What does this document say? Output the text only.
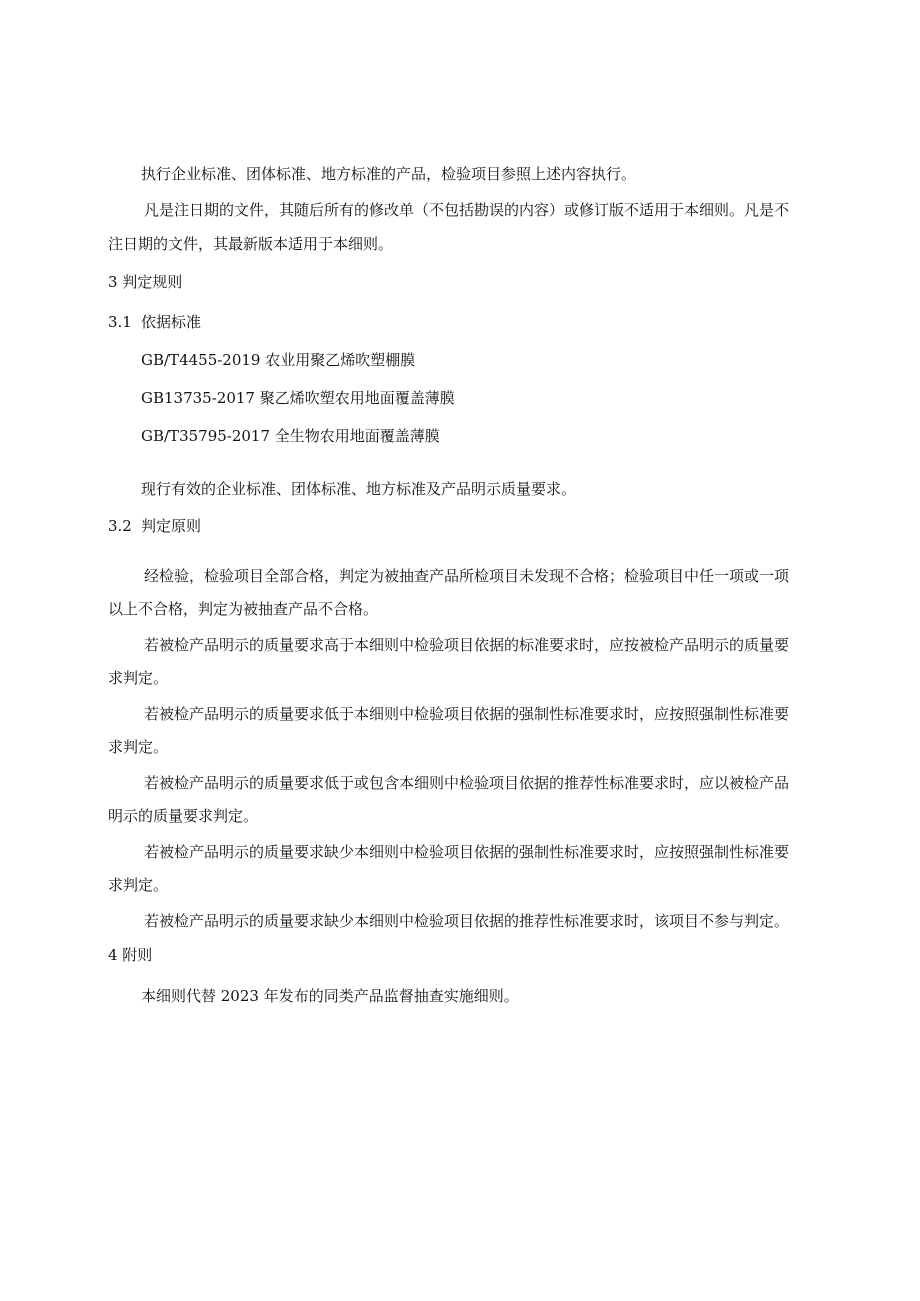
执行企业标准、团体标准、地方标准的产品，检验项目参照上述内容执行。
凡是注日期的文件，其随后所有的修改单（不包括勘误的内容）或修订版不适用于本细则。凡是不
注日期的文件，其最新版本适用于本细则。
3 判定规则
3.1 依据标准
GB/T4455-2019 农业用聚乙烯吹塑棚膜
GB13735-2017 聚乙烯吹塑农用地面覆盖薄膜
GB/T35795-2017 全生物农用地面覆盖薄膜
现行有效的企业标准、团体标准、地方标准及产品明示质量要求。
3.2 判定原则
经检验，检验项目全部合格，判定为被抽查产品所检项目未发现不合格；检验项目中任一项或一项
以上不合格，判定为被抽查产品不合格。
若被检产品明示的质量要求高于本细则中检验项目依据的标准要求时，应按被检产品明示的质量要
求判定。
若被检产品明示的质量要求低于本细则中检验项目依据的强制性标准要求时，应按照强制性标准要
求判定。
若被检产品明示的质量要求低于或包含本细则中检验项目依据的推荐性标准要求时，应以被检产品
明示的质量要求判定。
若被检产品明示的质量要求缺少本细则中检验项目依据的强制性标准要求时，应按照强制性标准要
求判定。
若被检产品明示的质量要求缺少本细则中检验项目依据的推荐性标准要求时，该项目不参与判定。
4 附则
本细则代替 2023 年发布的同类产品监督抽查实施细则。
